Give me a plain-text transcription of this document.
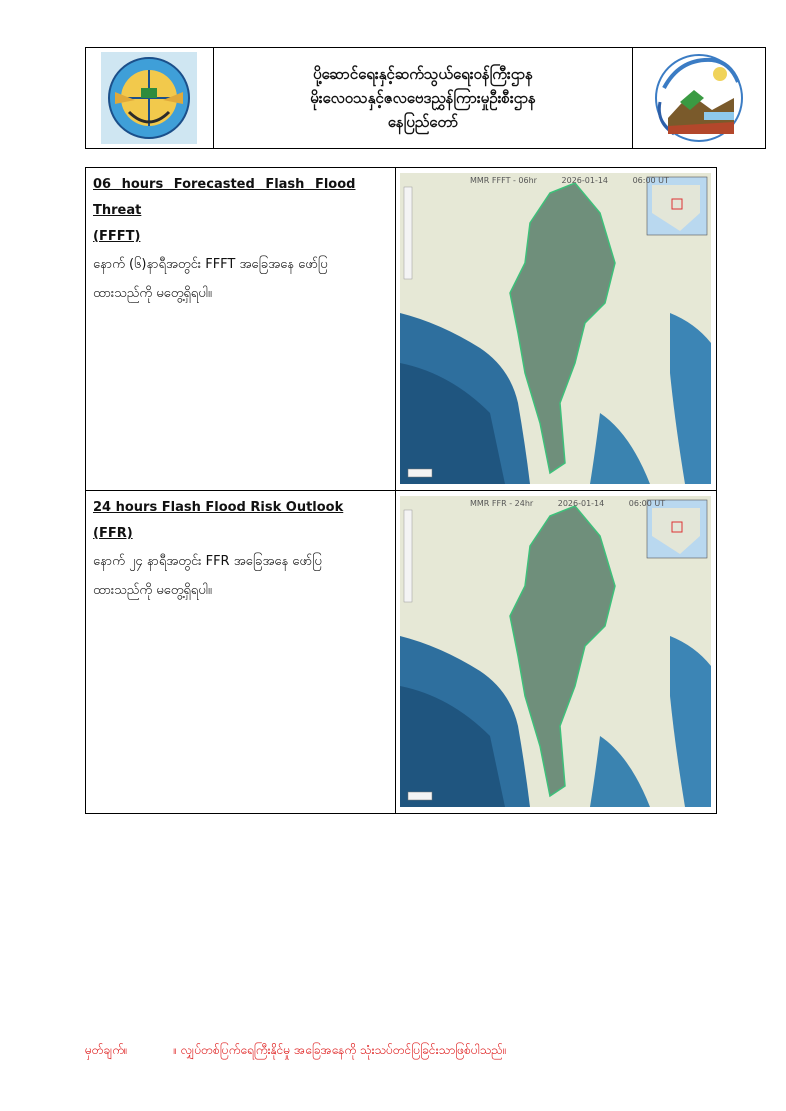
ပို့ဆောင်ရေးနှင့်ဆက်သွယ်ရေးဝန်ကြီးဌာန
မိုးလေဝသနှင့်ဇလဗေဒညွှန်ကြားမှုဦးစီးဌာန
နေပြည်တော်
06 hours Forecasted Flash Flood Threat
(FFFT)
နောက် (၆)နာရီအတွင်း FFFT အခြေအနေ ဖော်ပြ
ထားသည်ကို မတွေ့ရှိရပါ။
MMR FFFT - 06hr	2026-01-14	06:00 UT
24 hours Flash Flood Risk Outlook (FFR)
နောက် ၂၄ နာရီအတွင်း FFR အခြေအနေ ဖော်ပြ
ထားသည်ကို မတွေ့ရှိရပါ။
MMR FFR - 24hr	2026-01-14	06:00 UT
မှတ်ချက်။	။ လျှပ်တစ်ပြက်ရေကြီးနိုင်မှု အခြေအနေကို သုံးသပ်တင်ပြခြင်းသာဖြစ်ပါသည်။
